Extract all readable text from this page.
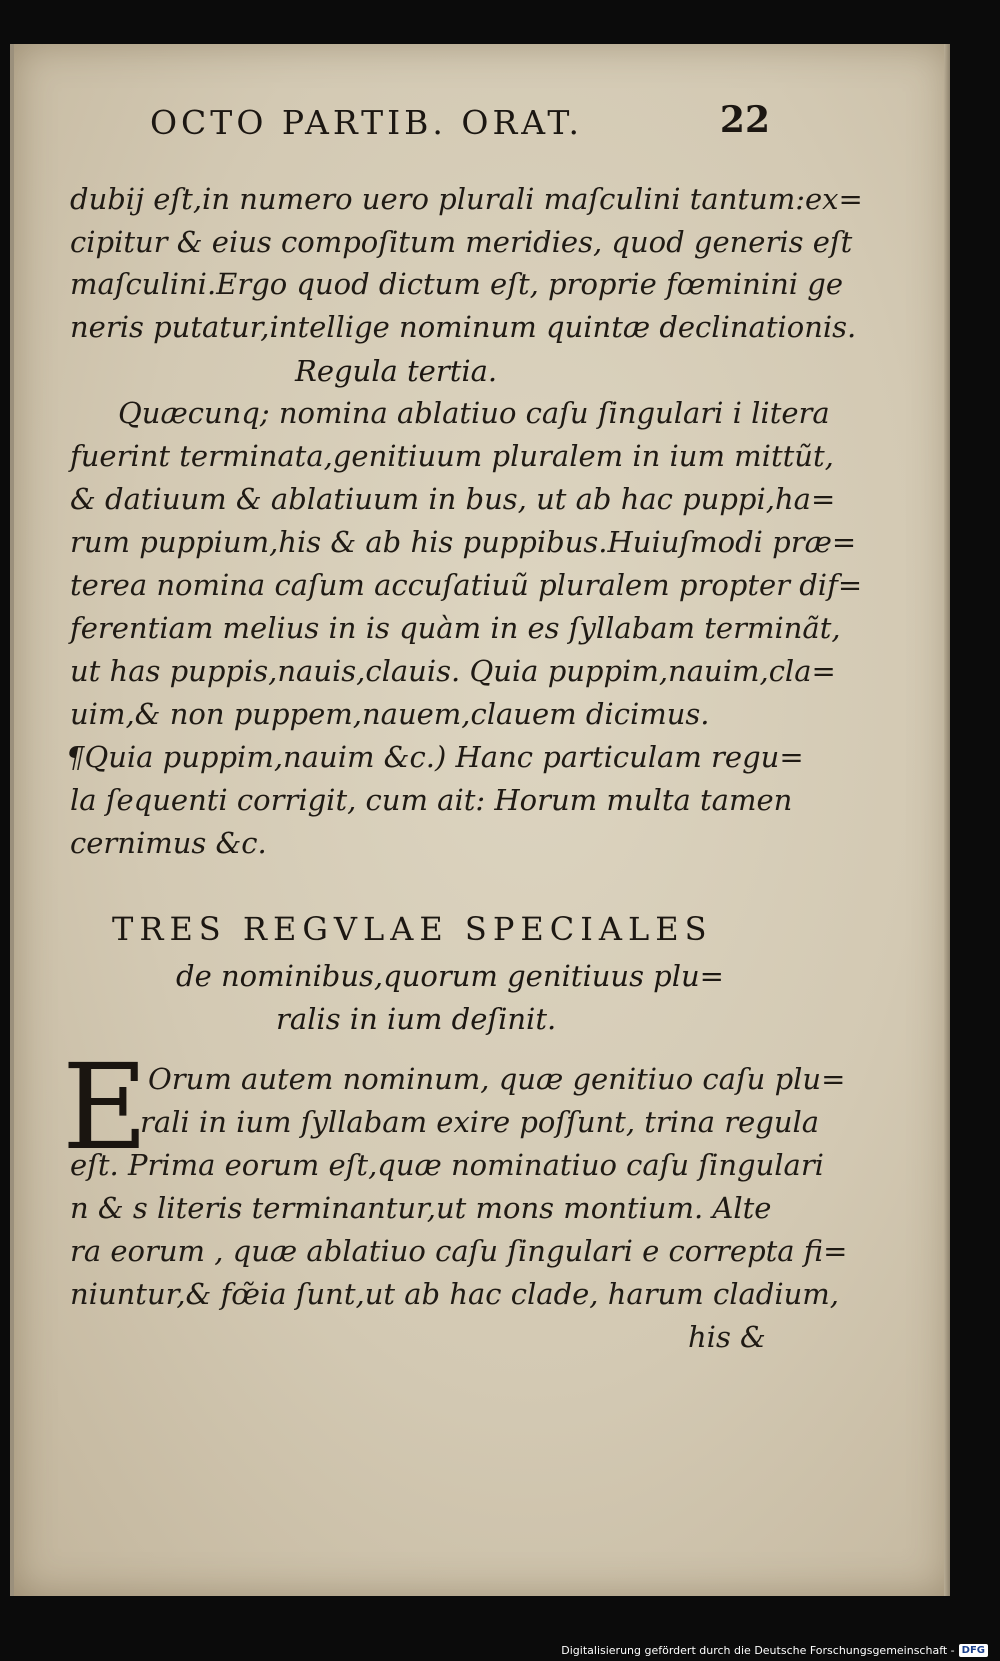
OCTO PARTIB. ORAT.	22
dubij eſt,in numero uero plurali maſculini tantum:ex=
cipitur & eius compoſitum meridies, quod generis eſt
maſculini.Ergo quod dictum eſt, proprie fœminini ge
neris putatur,intellige nominum quintæ declinationis.
Regula tertia.
Quæcunq; nomina ablatiuo caſu ſingulari i litera
fuerint terminata,genitiuum pluralem in ium mittũt,
& datiuum & ablatiuum in bus, ut ab hac puppi,ha=
rum puppium,his & ab his puppibus.Huiuſmodi præ=
terea nomina caſum accuſatiuũ pluralem propter dif=
ferentiam melius in is quàm in es ſyllabam terminãt,
ut has puppis,nauis,clauis. Quia puppim,nauim,cla=
uim,& non puppem,nauem,clauem dicimus.
¶Quia puppim,nauim &c.) Hanc particulam regu=
la ſequenti corrigit, cum ait: Horum multa tamen
cernimus &c.
TRES REGVLAE SPECIALES
de nominibus,quorum genitiuus plu=
ralis in ium deſinit.
E Orum autem nominum, quæ genitiuo caſu plu=
rali in ium ſyllabam exire poſſunt, trina regula
eſt. Prima eorum eſt,quæ nominatiuo caſu ſingulari
n & s literis terminantur,ut mons montium. Alte
ra eorum , quæ ablatiuo caſu ſingulari e correpta fi=
niuntur,& fœ̃ia ſunt,ut ab hac clade, harum cladium,
his &
Digitalisierung gefördert durch die Deutsche Forschungsgemeinschaft - DFG
